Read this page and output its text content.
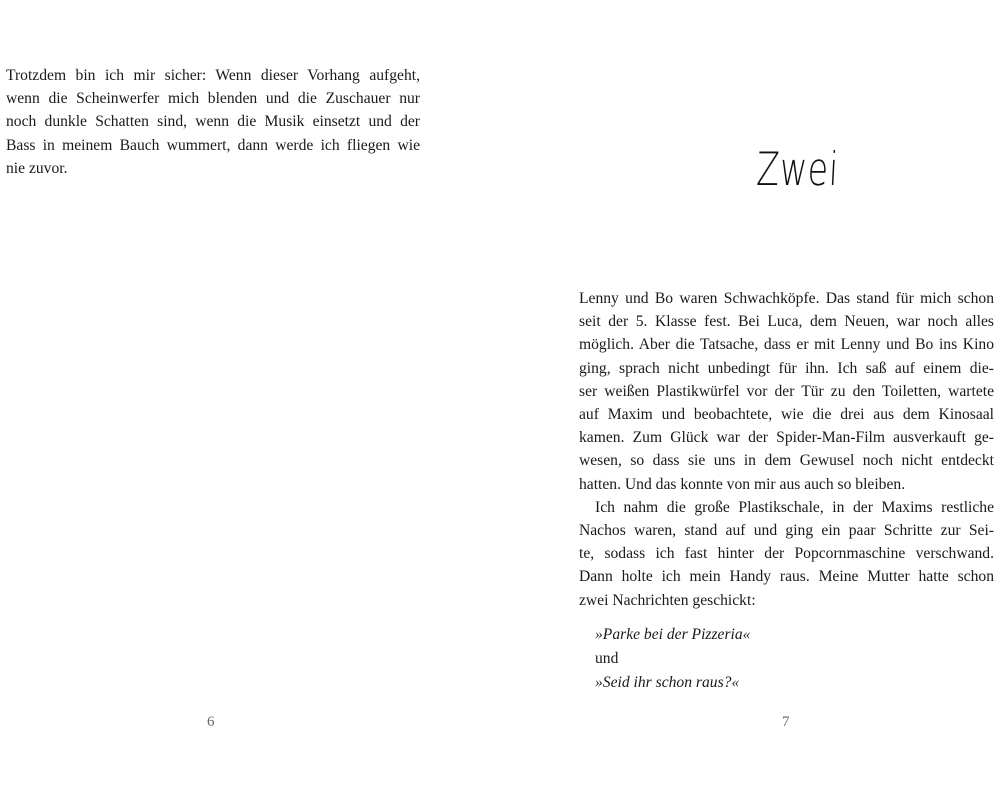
Trotzdem bin ich mir sicher: Wenn dieser Vorhang aufgeht,
wenn die Scheinwerfer mich blenden und die Zuschauer nur
noch dunkle Schatten sind, wenn die Musik einsetzt und der
Bass in meinem Bauch wummert, dann werde ich fliegen wie
nie zuvor.

6
Zwei

Lenny und Bo waren Schwachköpfe. Das stand für mich schon
seit der 5. Klasse fest. Bei Luca, dem Neuen, war noch alles
möglich. Aber die Tatsache, dass er mit Lenny und Bo ins Kino
ging, sprach nicht unbedingt für ihn. Ich saß auf einem die-
ser weißen Plastikwürfel vor der Tür zu den Toiletten, wartete
auf Maxim und beobachtete, wie die drei aus dem Kinosaal
kamen. Zum Glück war der Spider-Man-Film ausverkauft ge-
wesen, so dass sie uns in dem Gewusel noch nicht entdeckt
hatten. Und das konnte von mir aus auch so bleiben.

Ich nahm die große Plastikschale, in der Maxims restliche
Nachos waren, stand auf und ging ein paar Schritte zur Sei-
te, sodass ich fast hinter der Popcornmaschine verschwand.
Dann holte ich mein Handy raus. Meine Mutter hatte schon
zwei Nachrichten geschickt:

»Parke bei der Pizzeria«
und
»Seid ihr schon raus?«
7
